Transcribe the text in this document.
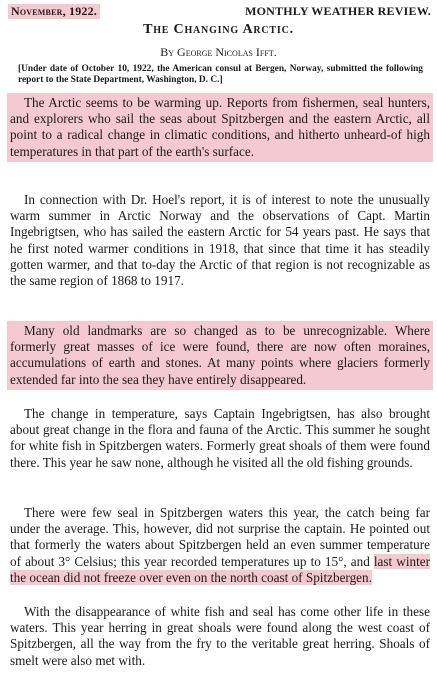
November, 1922.	MONTHLY WEATHER REVIEW.
The Changing Arctic.
By George Nicolas Ifft.
[Under date of October 10, 1922, the American consul at Bergen, Norway, submitted the following report to the State Department, Washington, D. C.]

The Arctic seems to be warming up. Reports from fishermen, seal hunters, and explorers who sail the seas about Spitzbergen and the eastern Arctic, all point to a radical change in climatic conditions, and hitherto unheard-of high temperatures in that part of the earth's surface.

In connection with Dr. Hoel's report, it is of interest to note the unusually warm summer in Arctic Norway and the observations of Capt. Martin Ingebrigtsen, who has sailed the eastern Arctic for 54 years past. He says that he first noted warmer conditions in 1918, that since that time it has steadily gotten warmer, and that to-day the Arctic of that region is not recognizable as the same region of 1868 to 1917.

Many old landmarks are so changed as to be unrecognizable. Where formerly great masses of ice were found, there are now often moraines, accumulations of earth and stones. At many points where glaciers formerly extended far into the sea they have entirely disappeared.

The change in temperature, says Captain Ingebrigtsen, has also brought about great change in the flora and fauna of the Arctic. This summer he sought for white fish in Spitzbergen waters. Formerly great shoals of them were found there. This year he saw none, although he visited all the old fishing grounds.

There were few seal in Spitzbergen waters this year, the catch being far under the average. This, however, did not surprise the captain. He pointed out that formerly the waters about Spitzbergen held an even summer temperature of about 3° Celsius; this year recorded temperatures up to 15°, and last winter the ocean did not freeze over even on the north coast of Spitzbergen.

With the disappearance of white fish and seal has come other life in these waters. This year herring in great shoals were found along the west coast of Spitzbergen, all the way from the fry to the veritable great herring. Shoals of smelt were also met with.
